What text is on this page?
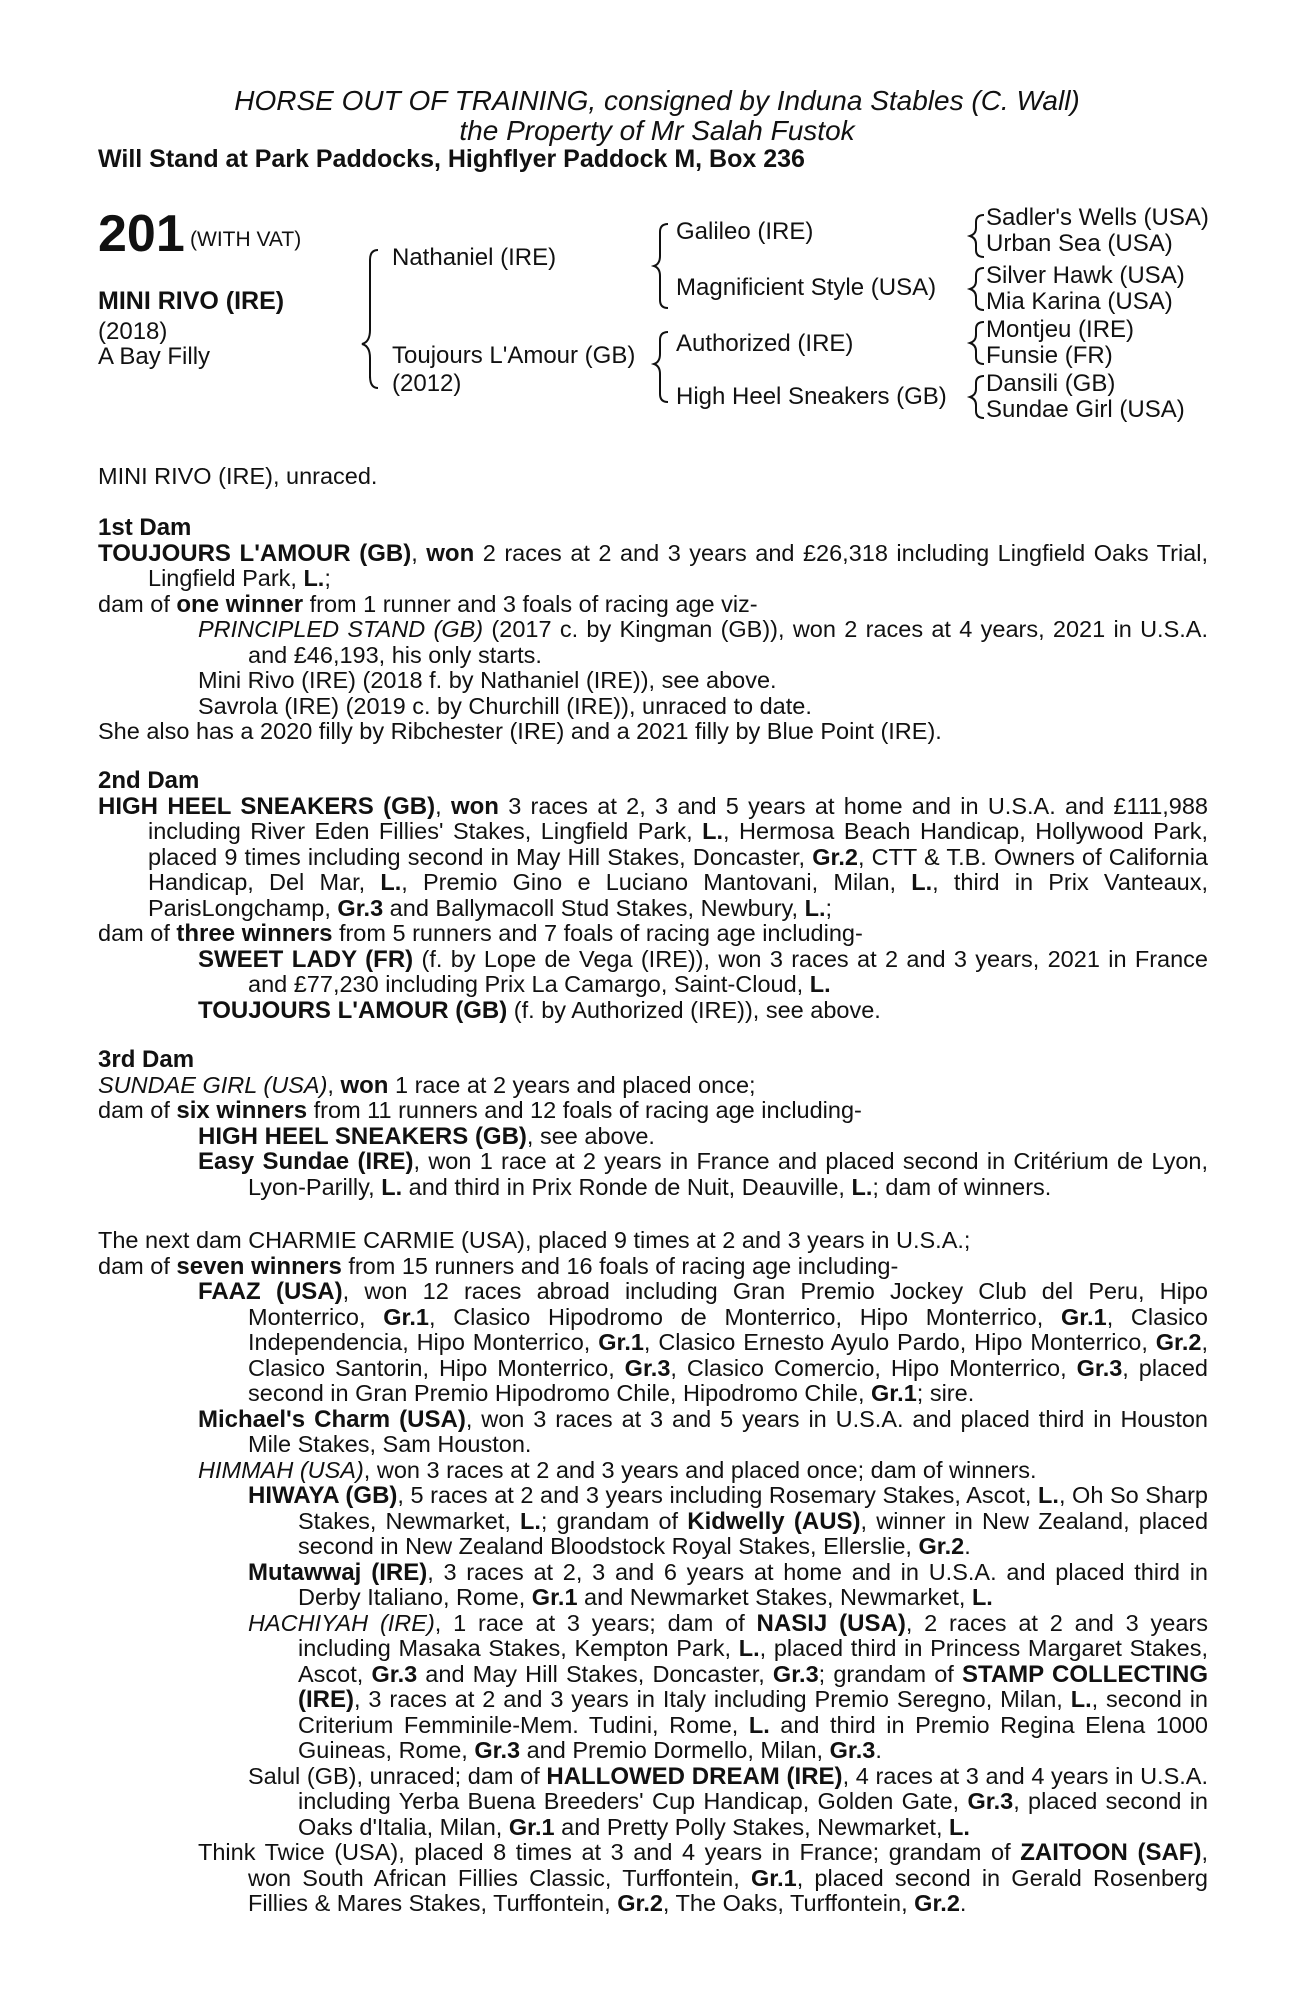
HORSE OUT OF TRAINING, consigned by Induna Stables (C. Wall)
the Property of Mr Salah Fustok
Will Stand at Park Paddocks, Highflyer Paddock M, Box 236
201 (WITH VAT)
MINI RIVO (IRE)
(2018)
A Bay Filly
Nathaniel (IRE)
Toujours L'Amour (GB)
(2012)
Galileo (IRE)
Magnificient Style (USA)
Authorized (IRE)
High Heel Sneakers (GB)
Sadler's Wells (USA)
Urban Sea (USA)
Silver Hawk (USA)
Mia Karina (USA)
Montjeu (IRE)
Funsie (FR)
Dansili (GB)
Sundae Girl (USA)

MINI RIVO (IRE), unraced.

1st Dam

TOUJOURS L'AMOUR (GB), won 2 races at 2 and 3 years and £26,318 including Lingfield Oaks Trial, Lingfield Park, L.;

dam of one winner from 1 runner and 3 foals of racing age viz-

PRINCIPLED STAND (GB) (2017 c. by Kingman (GB)), won 2 races at 4 years, 2021 in U.S.A. and £46,193, his only starts.

Mini Rivo (IRE) (2018 f. by Nathaniel (IRE)), see above.

Savrola (IRE) (2019 c. by Churchill (IRE)), unraced to date.

She also has a 2020 filly by Ribchester (IRE) and a 2021 filly by Blue Point (IRE).

2nd Dam

HIGH HEEL SNEAKERS (GB), won 3 races at 2, 3 and 5 years at home and in U.S.A. and £111,988 including River Eden Fillies' Stakes, Lingfield Park, L., Hermosa Beach Handicap, Hollywood Park, placed 9 times including second in May Hill Stakes, Doncaster, Gr.2, CTT & T.B. Owners of California Handicap, Del Mar, L., Premio Gino e Luciano Mantovani, Milan, L., third in Prix Vanteaux, ParisLongchamp, Gr.3 and Ballymacoll Stud Stakes, Newbury, L.;

dam of three winners from 5 runners and 7 foals of racing age including-

SWEET LADY (FR) (f. by Lope de Vega (IRE)), won 3 races at 2 and 3 years, 2021 in France and £77,230 including Prix La Camargo, Saint-Cloud, L.

TOUJOURS L'AMOUR (GB) (f. by Authorized (IRE)), see above.

3rd Dam

SUNDAE GIRL (USA), won 1 race at 2 years and placed once;

dam of six winners from 11 runners and 12 foals of racing age including-

HIGH HEEL SNEAKERS (GB), see above.

Easy Sundae (IRE), won 1 race at 2 years in France and placed second in Critérium de Lyon, Lyon-Parilly, L. and third in Prix Ronde de Nuit, Deauville, L.; dam of winners.

The next dam CHARMIE CARMIE (USA), placed 9 times at 2 and 3 years in U.S.A.;

dam of seven winners from 15 runners and 16 foals of racing age including-

FAAZ (USA), won 12 races abroad including Gran Premio Jockey Club del Peru, Hipo Monterrico, Gr.1, Clasico Hipodromo de Monterrico, Hipo Monterrico, Gr.1, Clasico Independencia, Hipo Monterrico, Gr.1, Clasico Ernesto Ayulo Pardo, Hipo Monterrico, Gr.2, Clasico Santorin, Hipo Monterrico, Gr.3, Clasico Comercio, Hipo Monterrico, Gr.3, placed second in Gran Premio Hipodromo Chile, Hipodromo Chile, Gr.1; sire.

Michael's Charm (USA), won 3 races at 3 and 5 years in U.S.A. and placed third in Houston Mile Stakes, Sam Houston.

HIMMAH (USA), won 3 races at 2 and 3 years and placed once; dam of winners.

HIWAYA (GB), 5 races at 2 and 3 years including Rosemary Stakes, Ascot, L., Oh So Sharp Stakes, Newmarket, L.; grandam of Kidwelly (AUS), winner in New Zealand, placed second in New Zealand Bloodstock Royal Stakes, Ellerslie, Gr.2.

Mutawwaj (IRE), 3 races at 2, 3 and 6 years at home and in U.S.A. and placed third in Derby Italiano, Rome, Gr.1 and Newmarket Stakes, Newmarket, L.

HACHIYAH (IRE), 1 race at 3 years; dam of NASIJ (USA), 2 races at 2 and 3 years including Masaka Stakes, Kempton Park, L., placed third in Princess Margaret Stakes, Ascot, Gr.3 and May Hill Stakes, Doncaster, Gr.3; grandam of STAMP COLLECTING (IRE), 3 races at 2 and 3 years in Italy including Premio Seregno, Milan, L., second in Criterium Femminile-Mem. Tudini, Rome, L. and third in Premio Regina Elena 1000 Guineas, Rome, Gr.3 and Premio Dormello, Milan, Gr.3.

Salul (GB), unraced; dam of HALLOWED DREAM (IRE), 4 races at 3 and 4 years in U.S.A. including Yerba Buena Breeders' Cup Handicap, Golden Gate, Gr.3, placed second in Oaks d'Italia, Milan, Gr.1 and Pretty Polly Stakes, Newmarket, L.

Think Twice (USA), placed 8 times at 3 and 4 years in France; grandam of ZAITOON (SAF), won South African Fillies Classic, Turffontein, Gr.1, placed second in Gerald Rosenberg Fillies & Mares Stakes, Turffontein, Gr.2, The Oaks, Turffontein, Gr.2.
